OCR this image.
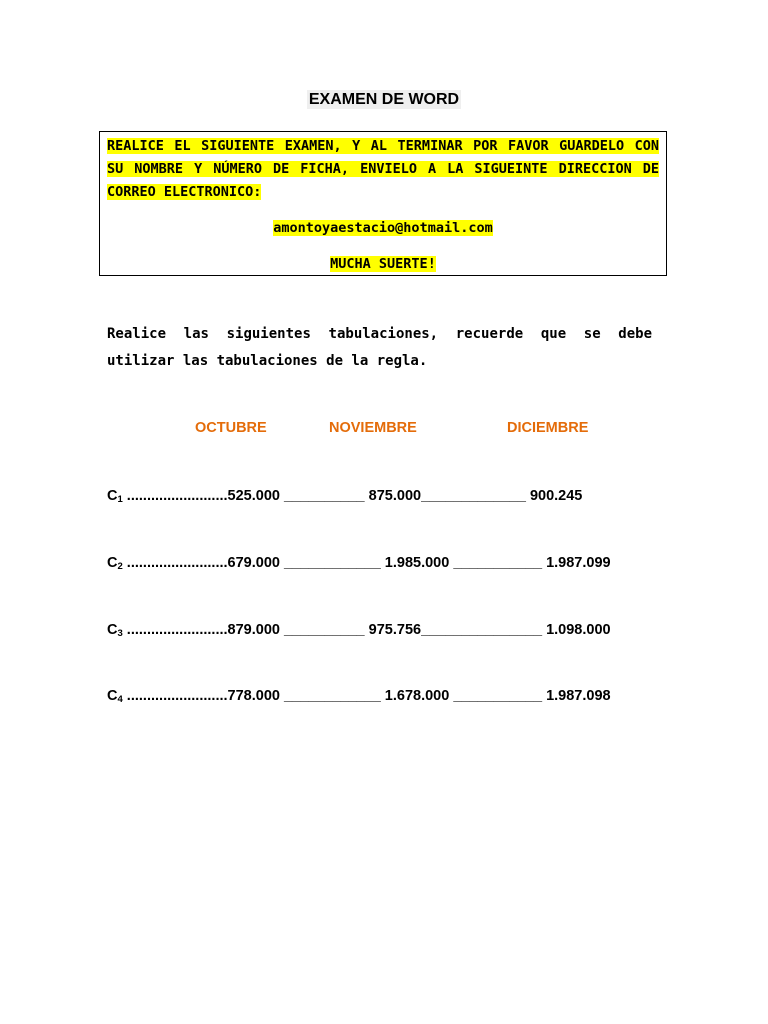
EXAMEN DE WORD
REALICE EL SIGUIENTE EXAMEN, Y AL TERMINAR POR FAVOR GUARDELO CON SU NOMBRE Y NÚMERO DE FICHA, ENVIELO A LA SIGUEINTE DIRECCION DE CORREO ELECTRONICO:
amontoyaestacio@hotmail.com
MUCHA SUERTE!
Realice las siguientes tabulaciones, recuerde que se debe utilizar las tabulaciones de la regla.
OCTUBRE	NOVIEMBRE	DICIEMBRE
$C_1$ .........................525.000 __________ 875.000_____________ 900.245
$C_2$ .........................679.000 ____________ 1.985.000 ___________ 1.987.099
$C_3$ .........................879.000 __________ 975.756_______________ 1.098.000
$C_4$ .........................778.000 ____________ 1.678.000 ___________ 1.987.098
